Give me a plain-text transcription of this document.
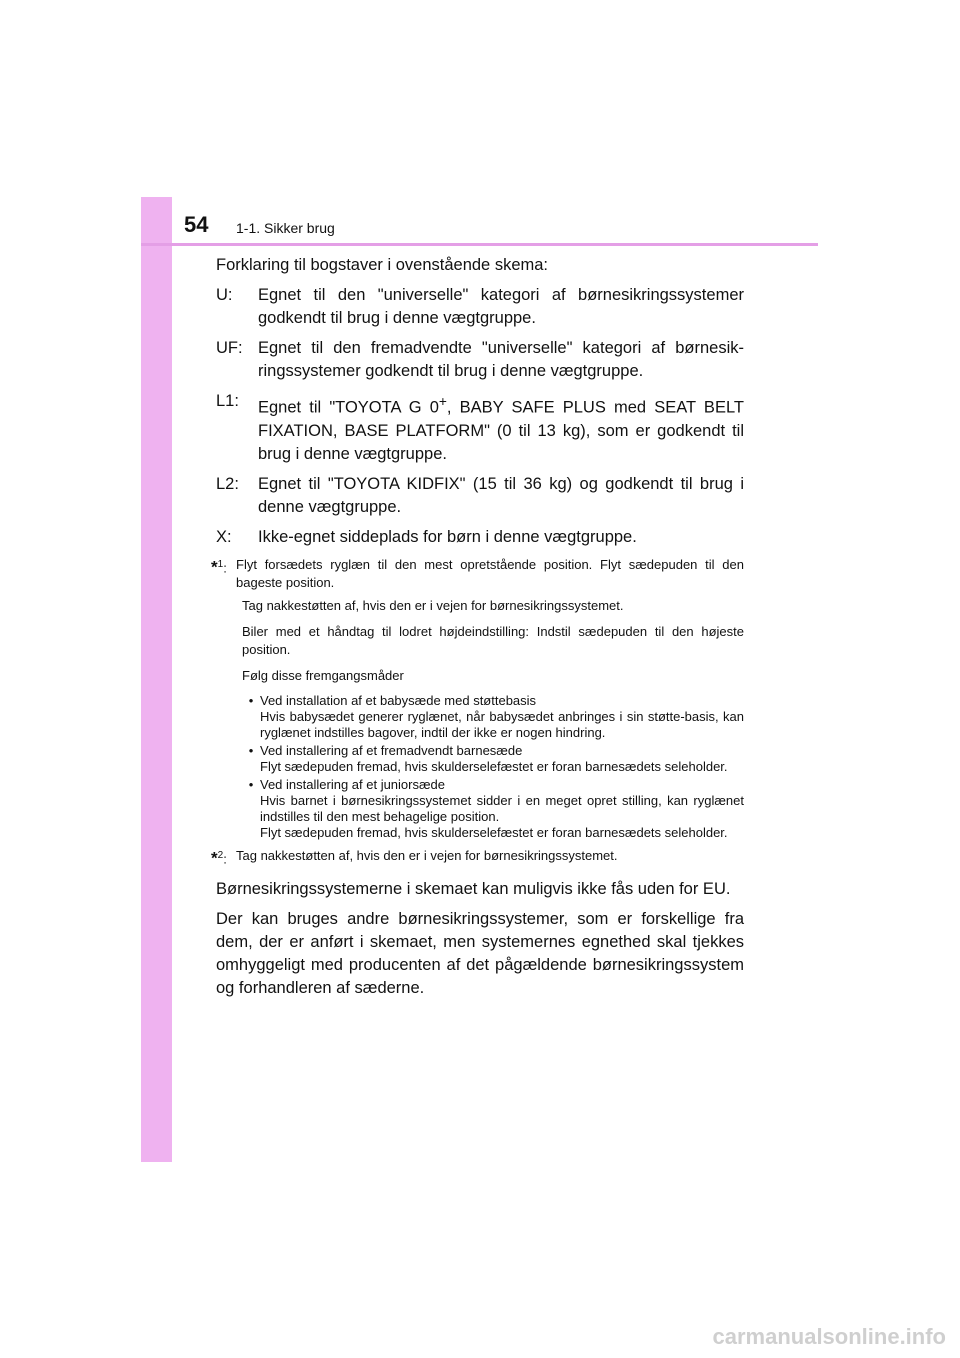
54 1-1. Sikker brug

Forklaring til bogstaver i ovenstående skema:

U:	Egnet til den "universelle" kategori af børnesikringssystemer godkendt til brug i denne vægtgruppe.
UF: Egnet til den fremadvendte "universelle" kategori af børnesik-ringssystemer godkendt til brug i denne vægtgruppe.
L1:	Egnet til "TOYOTA G 0+, BABY SAFE PLUS med SEAT BELT FIXATION, BASE PLATFORM" (0 til 13 kg), som er godkendt til brug i denne vægtgruppe.
L2:	Egnet til "TOYOTA KIDFIX" (15 til 36 kg) og godkendt til brug i denne vægtgruppe.
X:	Ikke-egnet siddeplads for børn i denne vægtgruppe.
*$^1$: Flyt forsædets ryglæn til den mest opretstående position. Flyt sædepuden til den bageste position.

Tag nakkestøtten af, hvis den er i vejen for børnesikringssystemet.

Biler med et håndtag til lodret højdeindstilling: Indstil sædepuden til den højeste position.

Følg disse fremgangsmåder

• Ved installation af et babysæde med støttebasis
Hvis babysædet generer ryglænet, når babysædet anbringes i sin støtte-basis, kan ryglænet indstilles bagover, indtil der ikke er nogen hindring.
• Ved installering af et fremadvendt barnesæde
Flyt sædepuden fremad, hvis skulderselefæstet er foran barnesædets seleholder.
• Ved installering af et juniorsæde
Hvis barnet i børnesikringssystemet sidder i en meget opret stilling, kan ryglænet indstilles til den mest behagelige position.
Flyt sædepuden fremad, hvis skulderselefæstet er foran barnesædets seleholder.
*$^2$: Tag nakkestøtten af, hvis den er i vejen for børnesikringssystemet.

Børnesikringssystemerne i skemaet kan muligvis ikke fås uden for EU.

Der kan bruges andre børnesikringssystemer, som er forskellige fra dem, der er anført i skemaet, men systemernes egnethed skal tjekkes omhyggeligt med producenten af det pågældende børnesikringssystem og forhandleren af sæderne.

carmanualsonline.info
